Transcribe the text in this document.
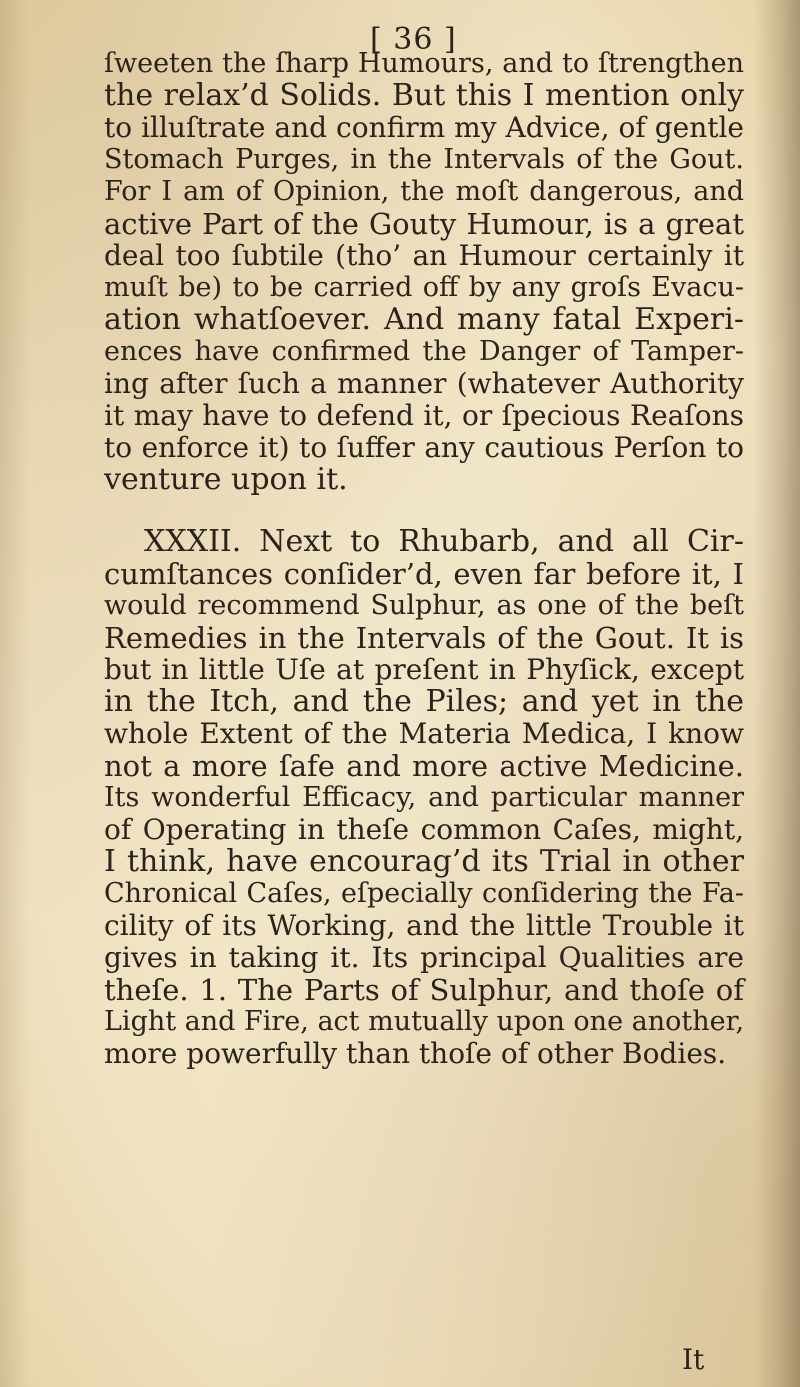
[ 36 ]
ſweeten the ſharp Humours, and to ſtrengthen
the relax’d Solids. But this I mention only
to illuſtrate and confirm my Advice, of gentle
Stomach Purges, in the Intervals of the Gout.
For I am of Opinion, the moſt dangerous, and
active Part of the Gouty Humour, is a great
deal too ſubtile (tho’ an Humour certainly it
muſt be) to be carried off by any groſs Evacu-
ation whatſoever. And many fatal Experi-
ences have confirmed the Danger of Tamper-
ing after ſuch a manner (whatever Authority
it may have to defend it, or ſpecious Reaſons
to enforce it) to ſuffer any cautious Perſon to
venture upon it.
XXXII. Next to Rhubarb, and all Cir-
cumſtances conſider’d, even far before it, I
would recommend Sulphur, as one of the beſt
Remedies in the Intervals of the Gout. It is
but in little Uſe at preſent in Phyſick, except
in the Itch, and the Piles; and yet in the
whole Extent of the Materia Medica, I know
not a more ſafe and more active Medicine.
Its wonderful Efficacy, and particular manner
of Operating in theſe common Caſes, might,
I think, have encourag’d its Trial in other
Chronical Caſes, eſpecially conſidering the Fa-
cility of its Working, and the little Trouble it
gives in taking it. Its principal Qualities are
theſe. 1. The Parts of Sulphur, and thoſe of
Light and Fire, act mutually upon one another,
more powerfully than thoſe of other Bodies.
It
